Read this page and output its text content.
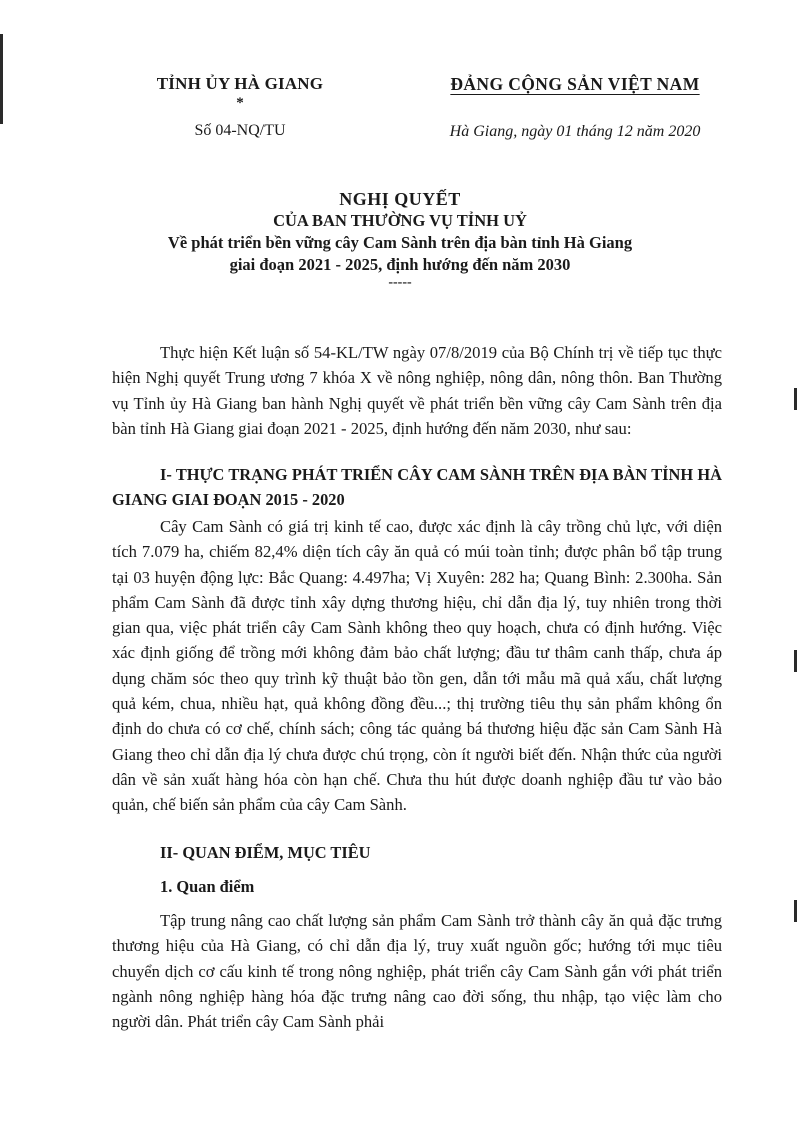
TỈNH ỦY HÀ GIANG
*
Số 04-NQ/TU
ĐẢNG CỘNG SẢN VIỆT NAM
Hà Giang, ngày 01 tháng 12 năm 2020
NGHỊ QUYẾT
CỦA BAN THƯỜNG VỤ TỈNH UỶ
Về phát triển bền vững cây Cam Sành trên địa bàn tỉnh Hà Giang
giai đoạn 2021 - 2025, định hướng đến năm 2030
-----
Thực hiện Kết luận số 54-KL/TW ngày 07/8/2019 của Bộ Chính trị về tiếp tục thực hiện Nghị quyết Trung ương 7 khóa X về nông nghiệp, nông dân, nông thôn. Ban Thường vụ Tỉnh ủy Hà Giang ban hành Nghị quyết về phát triển bền vững cây Cam Sành trên địa bàn tỉnh Hà Giang giai đoạn 2021 - 2025, định hướng đến năm 2030, như sau:
I- THỰC TRẠNG PHÁT TRIỂN CÂY CAM SÀNH TRÊN ĐỊA BÀN TỈNH HÀ GIANG GIAI ĐOẠN 2015 - 2020
Cây Cam Sành có giá trị kinh tế cao, được xác định là cây trồng chủ lực, với diện tích 7.079 ha, chiếm 82,4% diện tích cây ăn quả có múi toàn tỉnh; được phân bổ tập trung tại 03 huyện động lực: Bắc Quang: 4.497ha; Vị Xuyên: 282 ha; Quang Bình: 2.300ha. Sản phẩm Cam Sành đã được tỉnh xây dựng thương hiệu, chỉ dẫn địa lý, tuy nhiên trong thời gian qua, việc phát triển cây Cam Sành không theo quy hoạch, chưa có định hướng. Việc xác định giống để trồng mới không đảm bảo chất lượng; đầu tư thâm canh thấp, chưa áp dụng chăm sóc theo quy trình kỹ thuật bảo tồn gen, dẫn tới mẫu mã quả xấu, chất lượng quả kém, chua, nhiều hạt, quả không đồng đều...; thị trường tiêu thụ sản phẩm không ổn định do chưa có cơ chế, chính sách; công tác quảng bá thương hiệu đặc sản Cam Sành Hà Giang theo chỉ dẫn địa lý chưa được chú trọng, còn ít người biết đến. Nhận thức của người dân về sản xuất hàng hóa còn hạn chế. Chưa thu hút được doanh nghiệp đầu tư vào bảo quản, chế biến sản phẩm của cây Cam Sành.
II- QUAN ĐIỂM, MỤC TIÊU
1. Quan điểm
Tập trung nâng cao chất lượng sản phẩm Cam Sành trở thành cây ăn quả đặc trưng thương hiệu của Hà Giang, có chỉ dẫn địa lý, truy xuất nguồn gốc; hướng tới mục tiêu chuyển dịch cơ cấu kinh tế trong nông nghiệp, phát triển cây Cam Sành gắn với phát triển ngành nông nghiệp hàng hóa đặc trưng nâng cao đời sống, thu nhập, tạo việc làm cho người dân. Phát triển cây Cam Sành phải
